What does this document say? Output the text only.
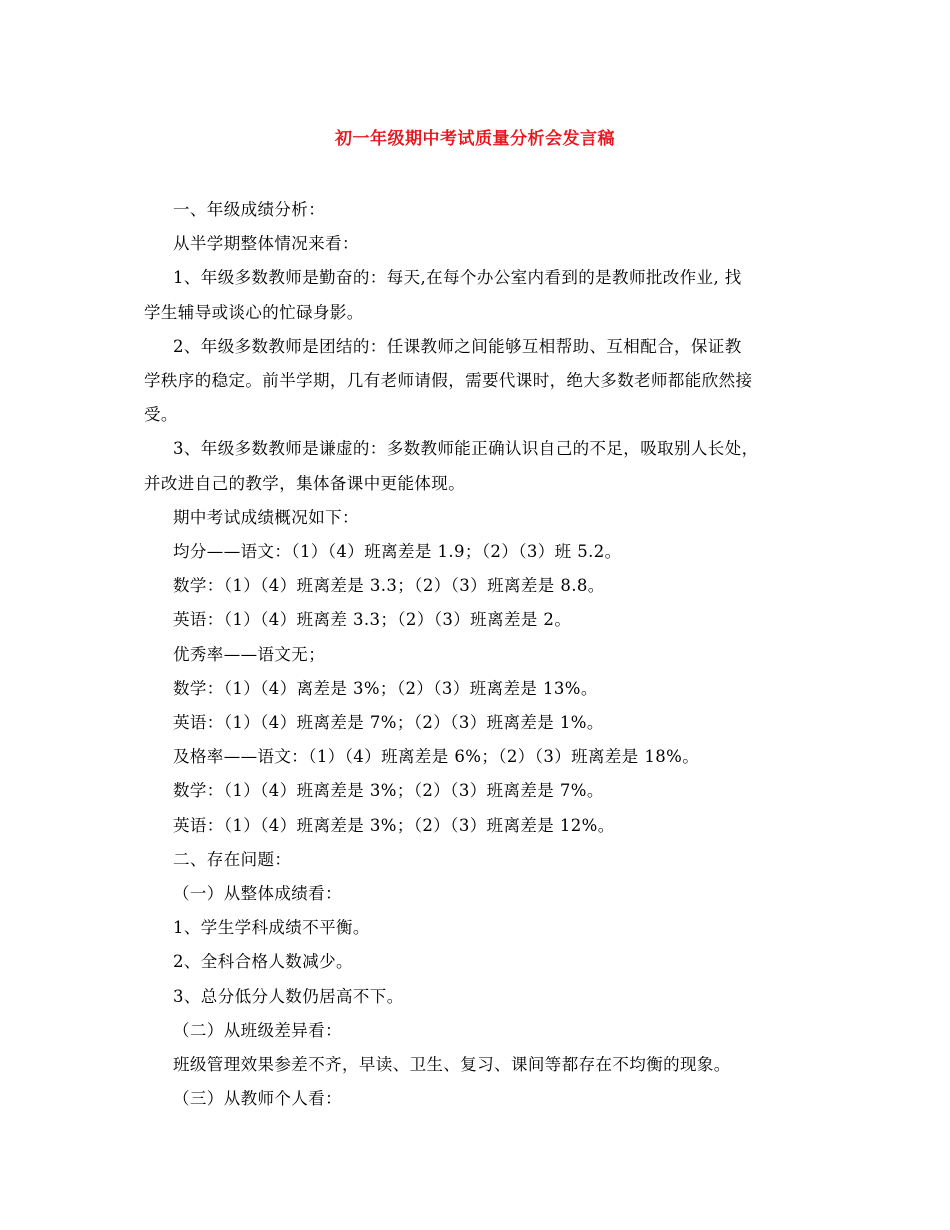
初一年级期中考试质量分析会发言稿
一、年级成绩分析：
从半学期整体情况来看：
1、年级多数教师是勤奋的：每天,在每个办公室内看到的是教师批改作业, 找
学生辅导或谈心的忙碌身影。
2、年级多数教师是团结的：任课教师之间能够互相帮助、互相配合，保证教
学秩序的稳定。前半学期，几有老师请假，需要代课时，绝大多数老师都能欣然接
受。
3、年级多数教师是谦虚的：多数教师能正确认识自己的不足，吸取别人长处，
并改进自己的教学，集体备课中更能体现。
期中考试成绩概况如下：
均分——语文：（1）（4）班离差是 1.9；（2）（3）班 5.2。
数学：（1）（4）班离差是 3.3；（2）（3）班离差是 8.8。
英语：（1）（4）班离差 3.3；（2）（3）班离差是 2。
优秀率——语文无；
数学：（1）（4）离差是 3%；（2）（3）班离差是 13%。
英语：（1）（4）班离差是 7%；（2）（3）班离差是 1%。
及格率——语文：（1）（4）班离差是 6%；（2）（3）班离差是 18%。
数学：（1）（4）班离差是 3%；（2）（3）班离差是 7%。
英语：（1）（4）班离差是 3%；（2）（3）班离差是 12%。
二、存在问题：
（一）从整体成绩看：
1、学生学科成绩不平衡。
2、全科合格人数减少。
3、总分低分人数仍居高不下。
（二）从班级差异看：
班级管理效果参差不齐，早读、卫生、复习、课间等都存在不均衡的现象。
（三）从教师个人看：
